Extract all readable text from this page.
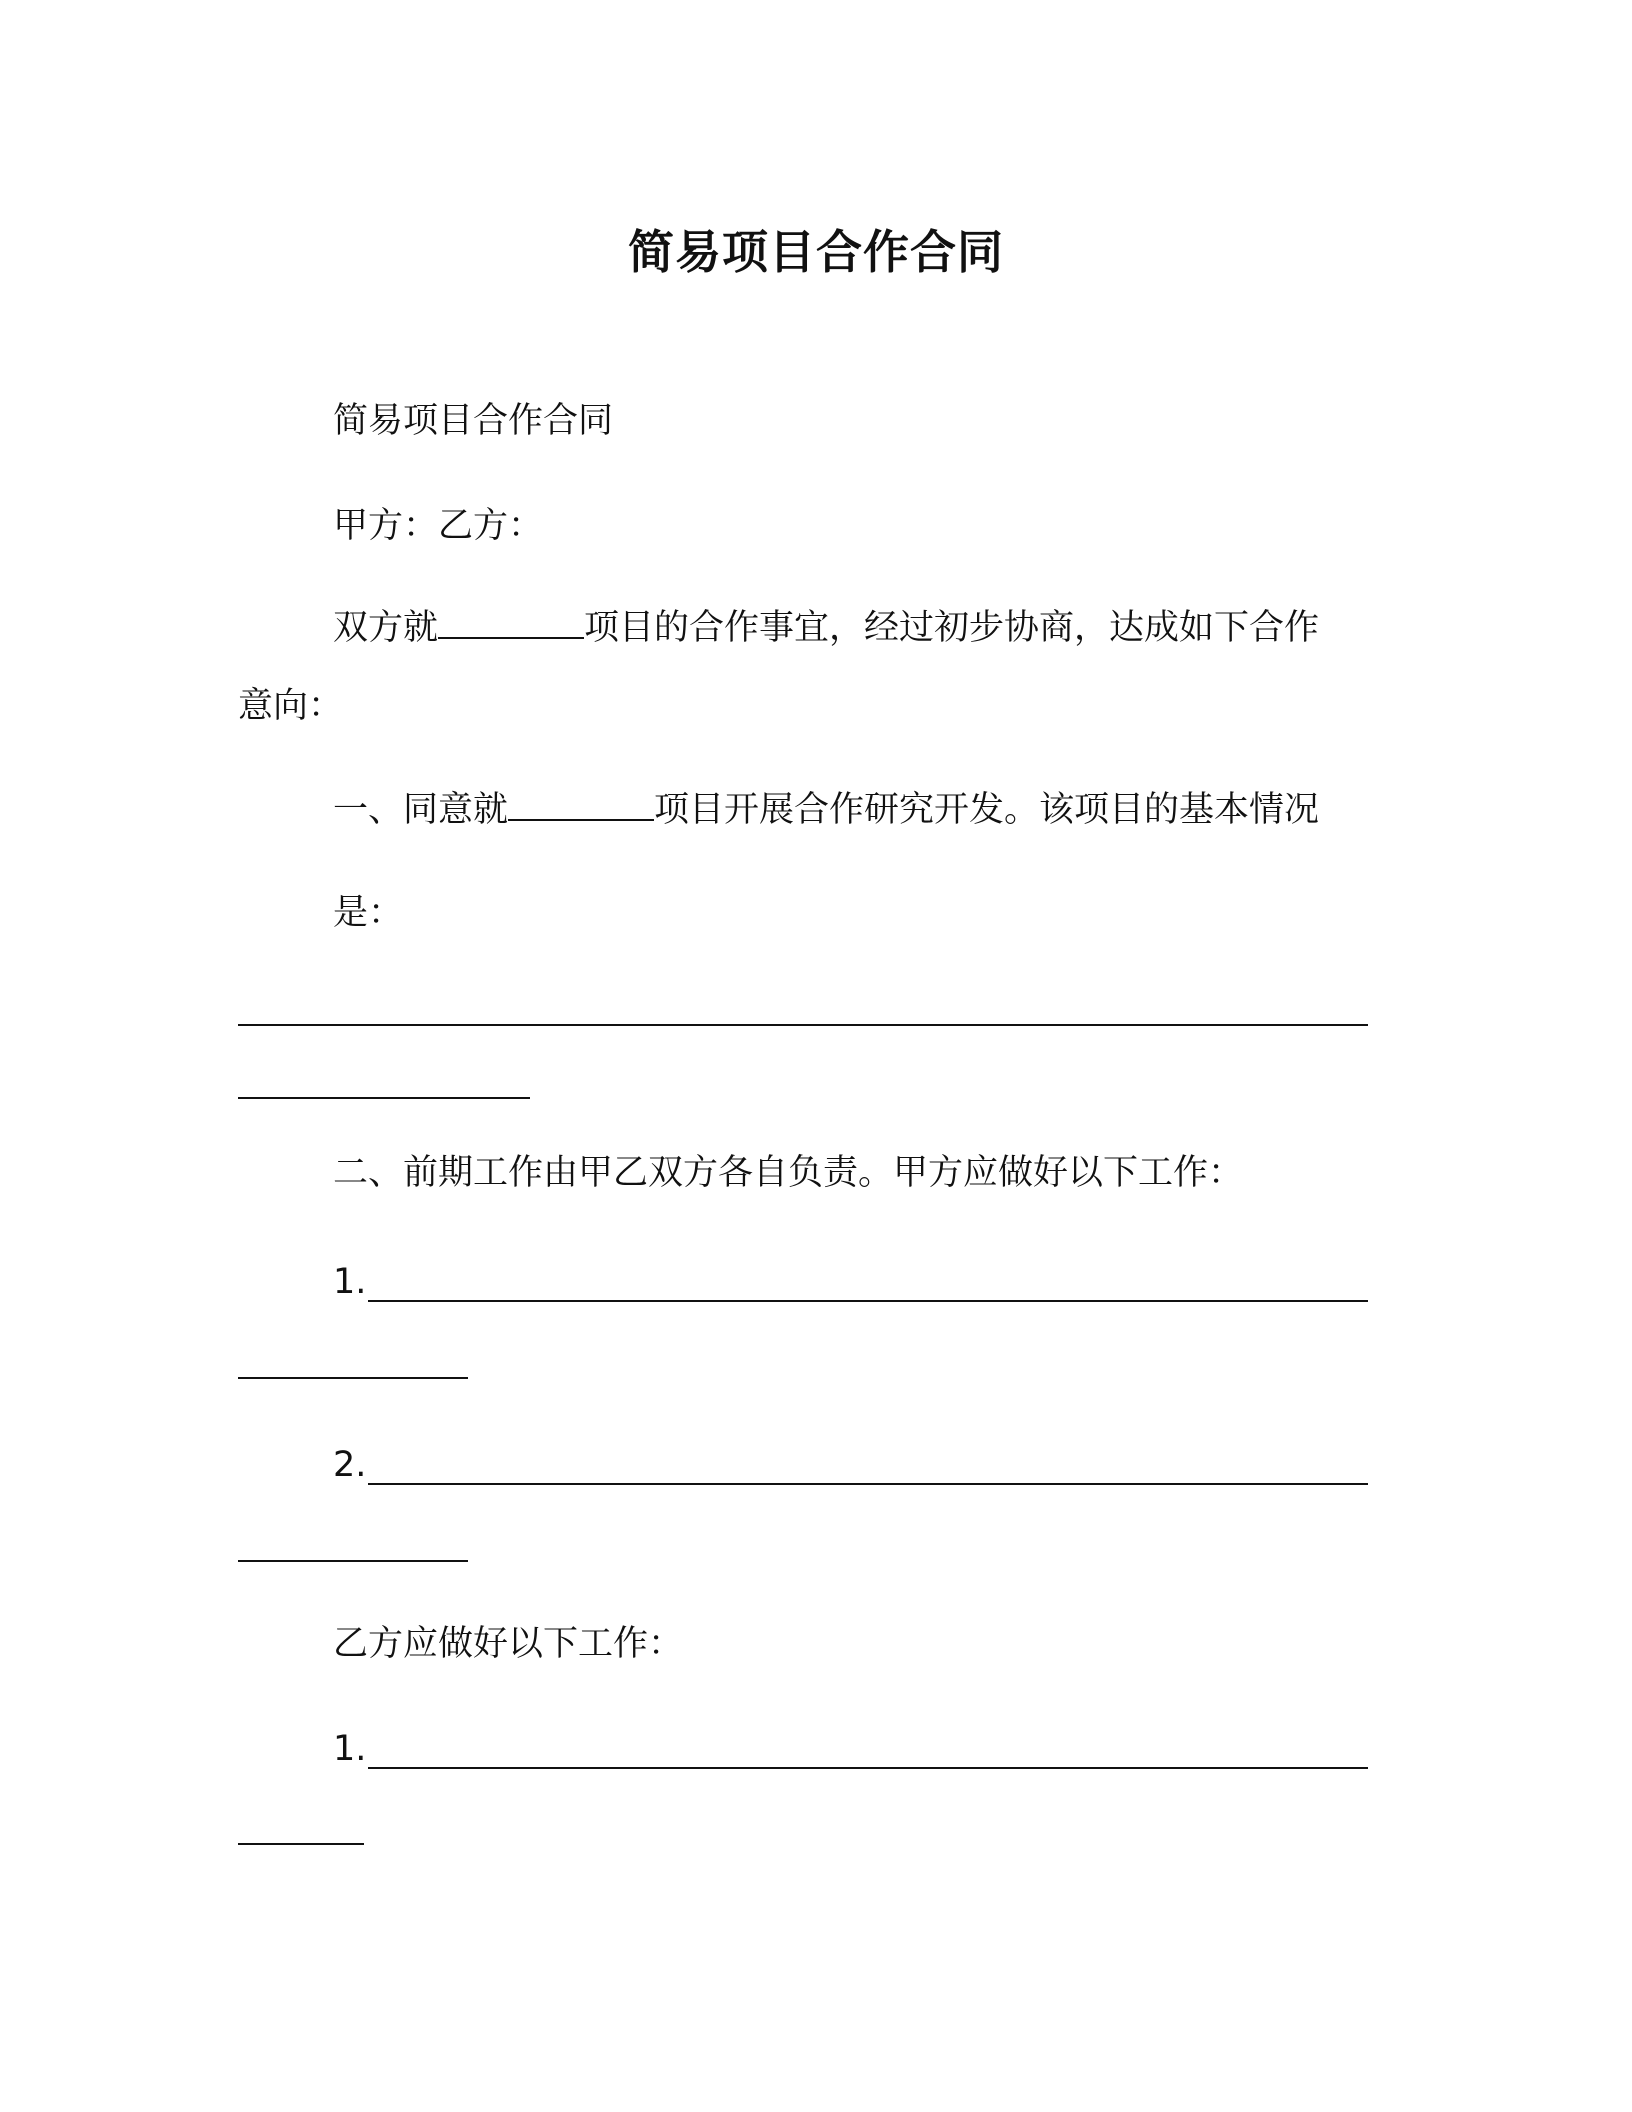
简易项目合作合同
简易项目合作合同
甲方：乙方：
双方就	项目的合作事宜，经过初步协商，达成如下合作
意向：
一、同意就	项目开展合作研究开发。该项目的基本情况
是：
二、前期工作由甲乙双方各自负责。甲方应做好以下工作：
1.
2.
乙方应做好以下工作：
1.
